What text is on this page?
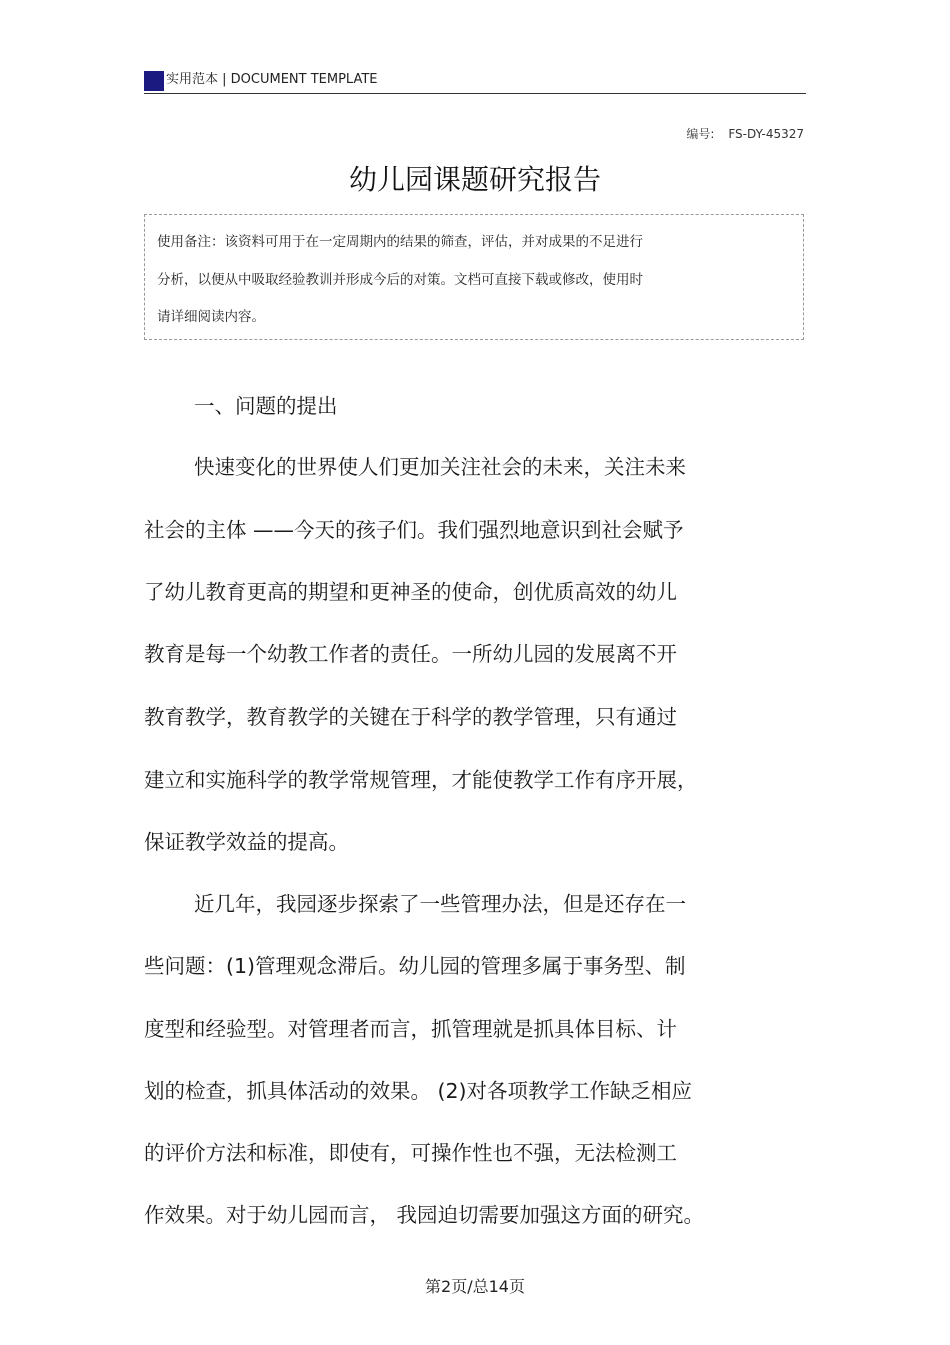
实用范本 | DOCUMENT TEMPLATE
编号: FS-DY-45327
幼儿园课题研究报告
使用备注：该资料可用于在一定周期内的结果的筛查，评估，并对成果的不足进行
分析，以便从中吸取经验教训并形成今后的对策。文档可直接下载或修改，使用时
请详细阅读内容。
一、问题的提出
快速变化的世界使人们更加关注社会的未来，关注未来
社会的主体 ——今天的孩子们。我们强烈地意识到社会赋予
了幼儿教育更高的期望和更神圣的使命，创优质高效的幼儿
教育是每一个幼教工作者的责任。一所幼儿园的发展离不开
教育教学，教育教学的关键在于科学的教学管理，只有通过
建立和实施科学的教学常规管理，才能使教学工作有序开展，
保证教学效益的提高。
近几年，我园逐步探索了一些管理办法，但是还存在一
些问题：(1)管理观念滞后。幼儿园的管理多属于事务型、制
度型和经验型。对管理者而言，抓管理就是抓具体目标、计
划的检查，抓具体活动的效果。 (2)对各项教学工作缺乏相应
的评价方法和标准，即使有，可操作性也不强，无法检测工
作效果。对于幼儿园而言， 我园迫切需要加强这方面的研究。
第2页/总14页
